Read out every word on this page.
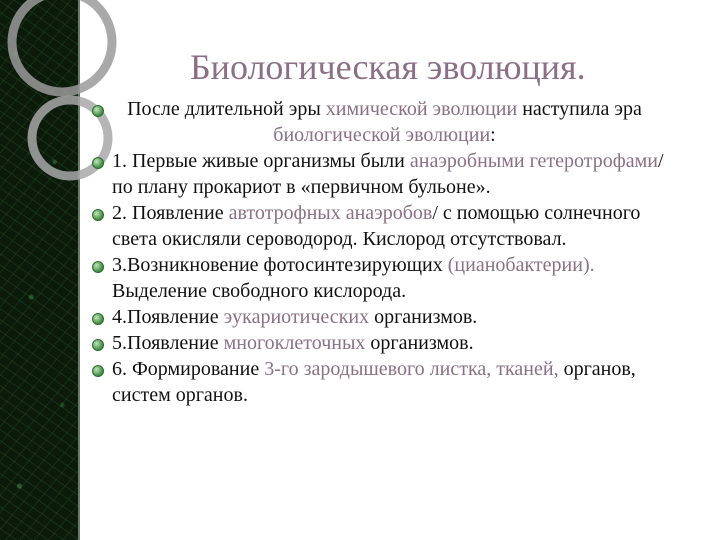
Биологическая эволюция.
После длительной эры химической эволюции наступила эра биологической эволюции:
1. Первые живые организмы были анаэробными гетеротрофами/по плану прокариот в «первичном бульоне».
2. Появление автотрофных анаэробов/ с помощью солнечного света окисляли сероводород. Кислород отсутствовал.
3.Возникновение фотосинтезирующих (цианобактерии). Выделение свободного кислорода.
4.Появление эукариотических организмов.
5.Появление многоклеточных организмов.
6. Формирование 3-го зародышевого листка, тканей, органов, систем органов.
